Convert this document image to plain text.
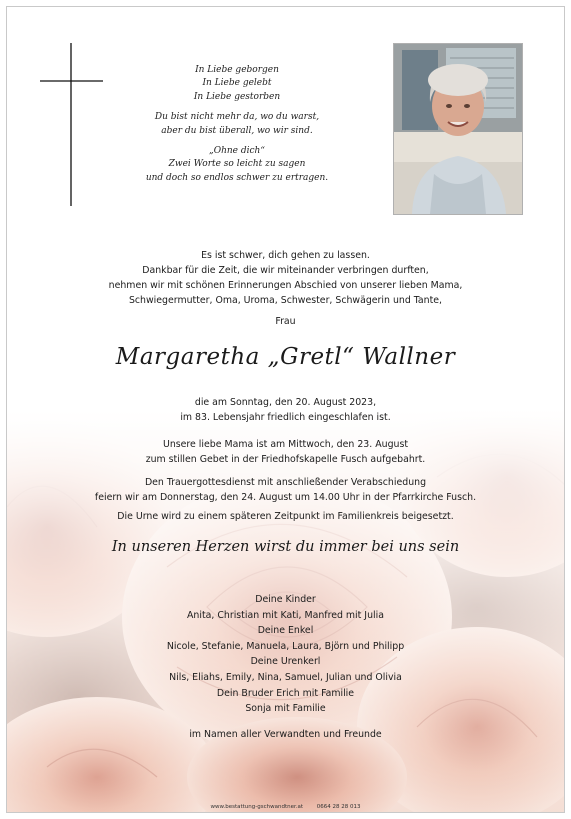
In Liebe geborgen
In Liebe gelebt
In Liebe gestorben
Du bist nicht mehr da, wo du warst,
aber du bist überall, wo wir sind.
„Ohne dich“
Zwei Worte so leicht zu sagen
und doch so endlos schwer zu ertragen.
Es ist schwer, dich gehen zu lassen.
Dankbar für die Zeit, die wir miteinander verbringen durften,
nehmen wir mit schönen Erinnerungen Abschied von unserer lieben Mama,
Schwiegermutter, Oma, Uroma, Schwester, Schwägerin und Tante,
Frau
Margaretha „Gretl“ Wallner
die am Sonntag, den 20. August 2023,
im 83. Lebensjahr friedlich eingeschlafen ist.
Unsere liebe Mama ist am Mittwoch, den 23. August
zum stillen Gebet in der Friedhofskapelle Fusch aufgebahrt.
Den Trauergottesdienst mit anschließender Verabschiedung
feiern wir am Donnerstag, den 24. August um 14.00 Uhr in der Pfarrkirche Fusch.
Die Urne wird zu einem späteren Zeitpunkt im Familienkreis beigesetzt.
In unseren Herzen wirst du immer bei uns sein
Deine Kinder
Anita, Christian mit Kati, Manfred mit Julia
Deine Enkel
Nicole, Stefanie, Manuela, Laura, Björn und Philipp
Deine Urenkerl
Nils, Eliahs, Emily, Nina, Samuel, Julian und Olivia
Dein Bruder Erich mit Familie
Sonja mit Familie
im Namen aller Verwandten und Freunde
www.bestattung-gschwandtner.at	0664 28 28 013
